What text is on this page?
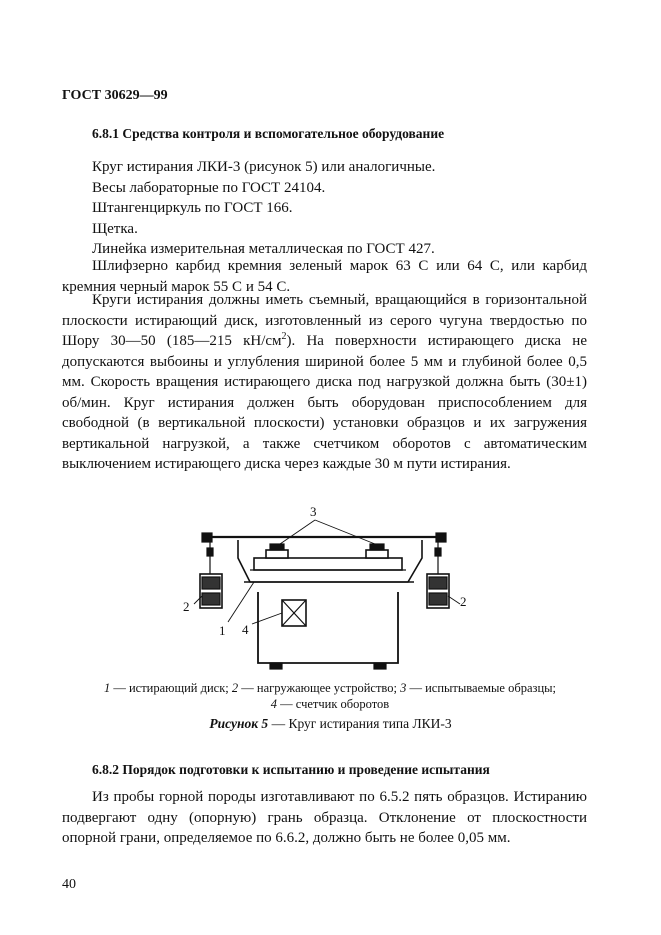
ГОСТ 30629—99
6.8.1 Средства контроля и вспомогательное оборудование
Круг истирания ЛКИ-3 (рисунок 5) или аналогичные.
Весы лабораторные по ГОСТ 24104.
Штангенциркуль по ГОСТ 166.
Щетка.
Линейка измерительная металлическая по ГОСТ 427.

Шлифзерно карбид кремния зеленый марок 63 С или 64 С, или карбид кремния черный марок 55 С и 54 С.

Круги истирания должны иметь съемный, вращающийся в горизонтальной плоскости истирающий диск, изготовленный из серого чугуна твердостью по Шору 30—50 (185—215 $кН/см^2$). На поверхности истирающего диска не допускаются выбоины и углубления шириной более 5 мм и глубиной более 0,5 мм. Скорость вращения истирающего диска под нагрузкой должна быть (30±1) об/мин. Круг истирания должен быть оборудован приспособлением для свободной (в вертикальной плоскости) установки образцов и их загружения вертикальной нагрузкой, а также счетчиком оборотов с автоматическим выключением истирающего диска через каждые 30 м пути истирания.

3
2	2
1 4
1 — истирающий диск; 2 — нагружающее устройство; 3 — испытываемые образцы;
4 — счетчик оборотов
Рисунок 5 — Круг истирания типа ЛКИ-3
6.8.2 Порядок подготовки к испытанию и проведение испытания

Из пробы горной породы изготавливают по 6.5.2 пять образцов. Истиранию подвергают одну (опорную) грань образца. Отклонение от плоскостности опорной грани, определяемое по 6.6.2, должно быть не более 0,05 мм.

40
